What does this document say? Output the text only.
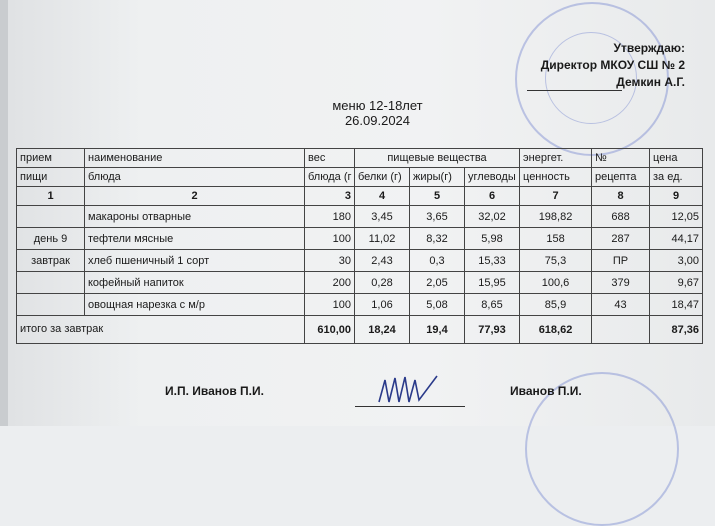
Утверждаю:
Директор МКОУ СШ № 2
Демкин А.Г.
меню 12-18лет
26.09.2024
прием	наименование	вес	пищевые вещества			энергет.	№	цена
пищи	блюда	блюда (г	белки (г)	жиры(г)	углеводы	ценность	рецепта	за ед.
1	2	3	4	5	6	7	8	9
	макароны отварные	180	3,45	3,65	32,02	198,82	688	12,05
день 9	тефтели мясные	100	11,02	8,32	5,98	158	287	44,17
завтрак	хлеб пшеничный 1 сорт	30	2,43	0,3	15,33	75,3	ПР	3,00
	кофейный напиток	200	0,28	2,05	15,95	100,6	379	9,67
	овощная нарезка с м/р	100	1,06	5,08	8,65	85,9	43	18,47
итого за завтрак		610,00	18,24	19,4	77,93	618,62		87,36
И.П. Иванов П.И.	Иванов П.И.
